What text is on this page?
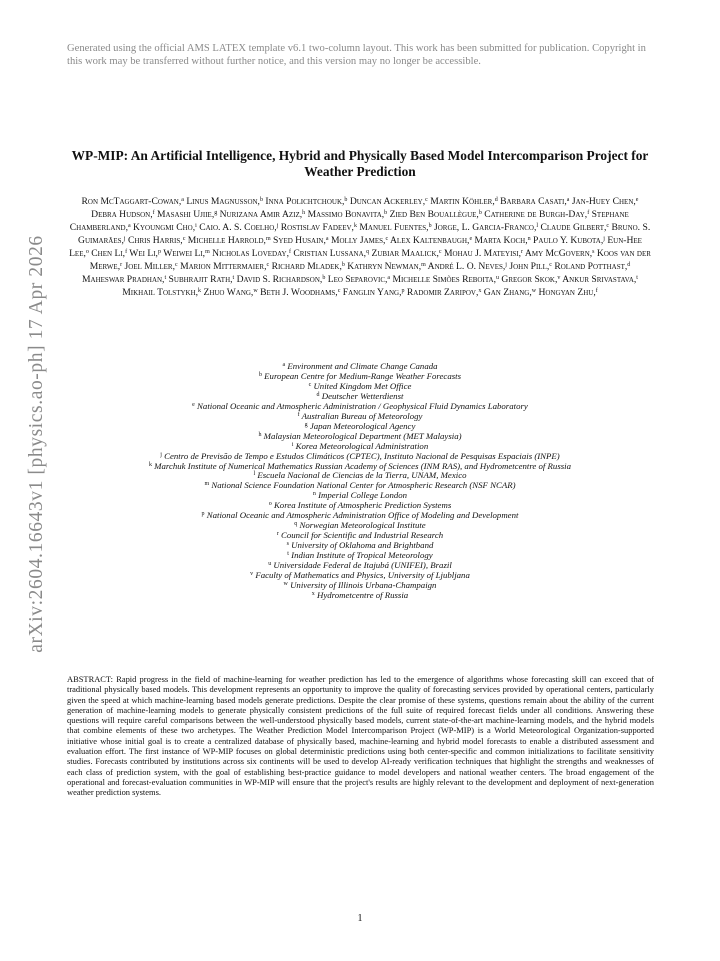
Generated using the official AMS LATEX template v6.1 two-column layout. This work has been submitted for publication. Copyright in this work may be transferred without further notice, and this version may no longer be accessible.
arXiv:2604.16643v1 [physics.ao-ph] 17 Apr 2026
WP-MIP: An Artificial Intelligence, Hybrid and Physically Based Model Intercomparison Project for Weather Prediction
Ron McTaggart-Cowan,$^a$ Linus Magnusson,$^b$ Inna Polichtchouk,$^b$ Duncan Ackerley,$^c$ Martin Köhler,$^d$ Barbara Casati,$^a$ Jan-Huey Chen,$^e$ Debra Hudson,$^f$ Masashi Ujiie,$^g$ Nurizana Amir Aziz,$^h$ Massimo Bonavita,$^b$ Zied Ben Bouallègue,$^b$ Catherine de Burgh-Day,$^f$ Stephane Chamberland,$^a$ Kyoungmi Cho,$^i$ Caio. A. S. Coelho,$^j$ Rostislav Fadeev,$^k$ Manuel Fuentes,$^b$ Jorge, L. Garcia-Franco,$^l$ Claude Gilbert,$^c$ Bruno. S. Guimarães,$^j$ Chris Harris,$^c$ Michelle Harrold,$^m$ Syed Husain,$^a$ Molly James,$^c$ Alex Kaltenbaugh,$^e$ Marta Koch,$^n$ Paulo Y. Kubota,$^j$ Eun-Hee Lee,$^o$ Chen Li,$^f$ Wei Li,$^p$ Weiwei Li,$^m$ Nicholas Loveday,$^f$ Cristian Lussana,$^q$ Zubiar Maalick,$^c$ Mohau J. Mateyisi,$^r$ Amy McGovern,$^s$ Koos van der Merwe,$^r$ Joel Miller,$^c$ Marion Mittermaier,$^c$ Richard Mladek,$^b$ Kathryn Newman,$^m$ André L. O. Neves,$^j$ John Pill,$^c$ Roland Potthast,$^d$ Maheswar Pradhan,$^t$ Subhrajit Rath,$^t$ David S. Richardson,$^b$ Leo Separovic,$^a$ Michelle Simões Reboita,$^u$ Gregor Skok,$^v$ Ankur Srivastava,$^t$ Mikhail Tolstykh,$^k$ Zhuo Wang,$^w$ Beth J. Woodhams,$^c$ Fanglin Yang,$^p$ Radomir Zaripov,$^x$ Gan Zhang,$^w$ Hongyan Zhu,$^f$
$^a$ Environment and Climate Change Canada
$^b$ European Centre for Medium-Range Weather Forecasts
$^c$ United Kingdom Met Office
$^d$ Deutscher Wetterdienst
$^e$ National Oceanic and Atmospheric Administration / Geophysical Fluid Dynamics Laboratory
$^f$ Australian Bureau of Meteorology
$^g$ Japan Meteorological Agency
$^h$ Malaysian Meteorological Department (MET Malaysia)
$^i$ Korea Meteorological Administration
$^j$ Centro de Previsão de Tempo e Estudos Climáticos (CPTEC), Instituto Nacional de Pesquisas Espaciais (INPE)
$^k$ Marchuk Institute of Numerical Mathematics Russian Academy of Sciences (INM RAS), and Hydrometcentre of Russia
$^l$ Escuela Nacional de Ciencias de la Tierra, UNAM, Mexico
$^m$ National Science Foundation National Center for Atmospheric Research (NSF NCAR)
$^n$ Imperial College London
$^o$ Korea Institute of Atmospheric Prediction Systems
$^p$ National Oceanic and Atmospheric Administration Office of Modeling and Development
$^q$ Norwegian Meteorological Institute
$^r$ Council for Scientific and Industrial Research
$^s$ University of Oklahoma and Brightband
$^t$ Indian Institute of Tropical Meteorology
$^u$ Universidade Federal de Itajubá (UNIFEI), Brazil
$^v$ Faculty of Mathematics and Physics, University of Ljubljana
$^w$ University of Illinois Urbana-Champaign
$^x$ Hydrometcentre of Russia
ABSTRACT: Rapid progress in the field of machine-learning for weather prediction has led to the emergence of algorithms whose forecasting skill can exceed that of traditional physically based models. This development represents an opportunity to improve the quality of forecasting services provided by operational centers, particularly given the speed at which machine-learning based models generate predictions. Despite the clear promise of these systems, questions remain about the ability of the current generation of machine-learning models to generate physically consistent predictions of the full suite of required forecast fields under all conditions. Answering these questions will require careful comparisons between the well-understood physically based models, current state-of-the-art machine-learning models, and the hybrid models that combine elements of these two archetypes. The Weather Prediction Model Intercomparison Project (WP-MIP) is a World Meteorological Organization-supported initiative whose initial goal is to create a centralized database of physically based, machine-learning and hybrid model forecasts to enable a distributed assessment and evaluation effort. The first instance of WP-MIP focuses on global deterministic predictions using both center-specific and common initializations to facilitate sensitivity studies. Forecasts contributed by institutions across six continents will be used to develop AI-ready verification techniques that highlight the strengths and weaknesses of each class of prediction system, with the goal of establishing best-practice guidance to model developers and national weather centers. The broad engagement of the operational and forecast-evaluation communities in WP-MIP will ensure that the project's results are highly relevant to the development and deployment of next-generation weather prediction systems.
1
